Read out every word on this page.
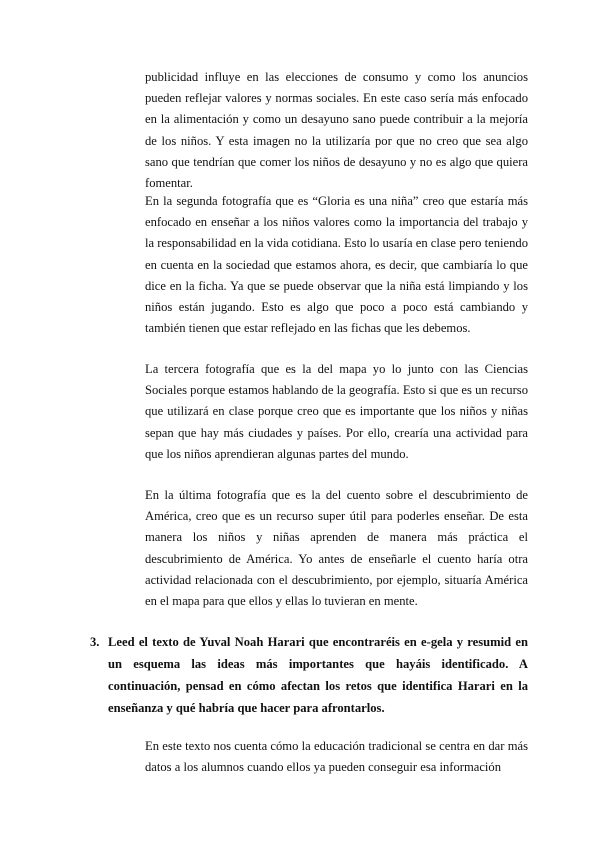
publicidad influye en las elecciones de consumo y como los anuncios pueden reflejar valores y normas sociales. En este caso sería más enfocado en la alimentación y como un desayuno sano puede contribuir a la mejoría de los niños. Y esta imagen no la utilizaría por que no creo que sea algo sano que tendrían que comer los niños de desayuno y no es algo que quiera fomentar.

En la segunda fotografía que es “Gloria es una niña” creo que estaría más enfocado en enseñar a los niños valores como la importancia del trabajo y la responsabilidad en la vida cotidiana. Esto lo usaría en clase pero teniendo en cuenta en la sociedad que estamos ahora, es decir, que cambiaría lo que dice en la ficha. Ya que se puede observar que la niña está limpiando y los niños están jugando. Esto es algo que poco a poco está cambiando y también tienen que estar reflejado en las fichas que les debemos.

La tercera fotografía que es la del mapa yo lo junto con las Ciencias Sociales porque estamos hablando de la geografía. Esto si que es un recurso que utilizará en clase porque creo que es importante que los niños y niñas sepan que hay más ciudades y países. Por ello, crearía una actividad para que los niños aprendieran algunas partes del mundo.

En la última fotografía que es la del cuento sobre el descubrimiento de América, creo que es un recurso super útil para poderles enseñar. De esta manera los niños y niñas aprenden de manera más práctica el descubrimiento de América. Yo antes de enseñarle el cuento haría otra actividad relacionada con el descubrimiento, por ejemplo, situaría América en el mapa para que ellos y ellas lo tuvieran en mente.

3. Leed el texto de Yuval Noah Harari que encontraréis en e-gela y resumid en un esquema las ideas más importantes que hayáis identificado. A continuación, pensad en cómo afectan los retos que identifica Harari en la enseñanza y qué habría que hacer para afrontarlos.

En este texto nos cuenta cómo la educación tradicional se centra en dar más datos a los alumnos cuando ellos ya pueden conseguir esa información
